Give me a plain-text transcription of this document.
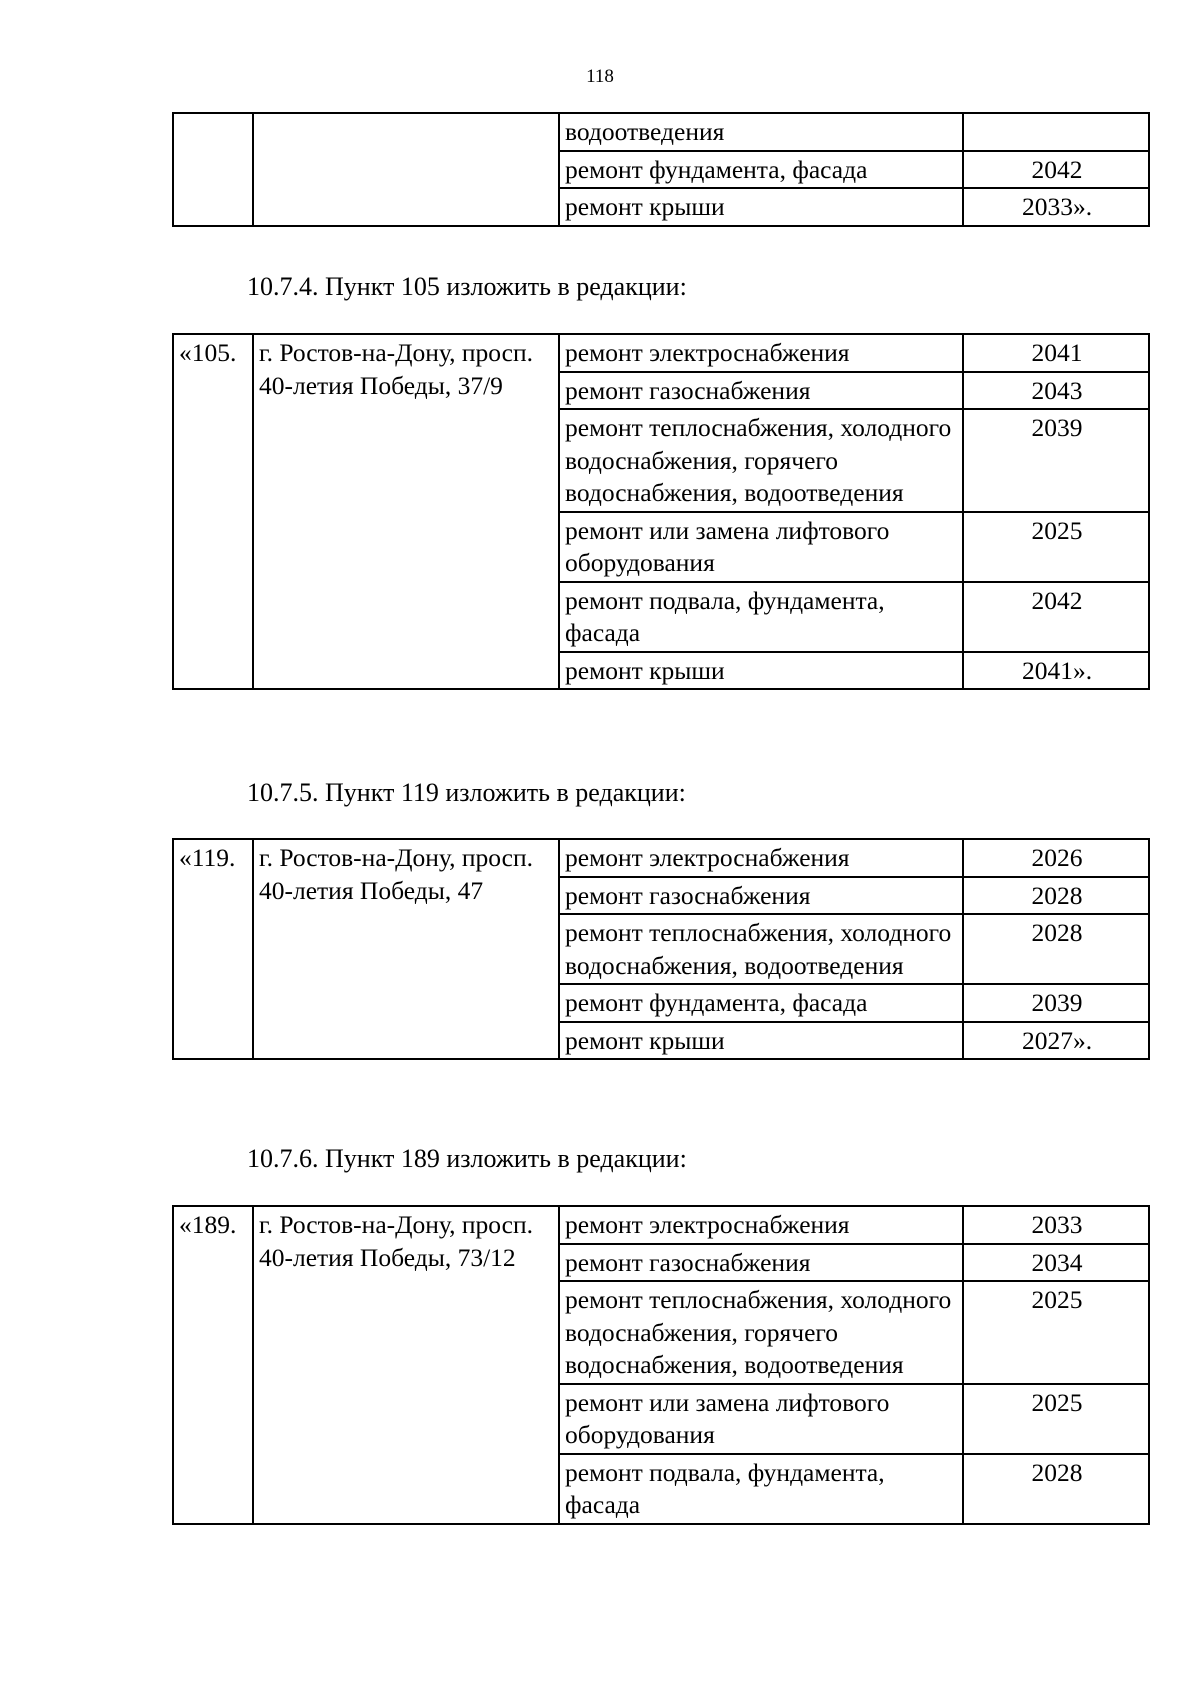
118
		водоотведения	
		ремонт фундамента, фасада	2042
		ремонт крыши	2033».
10.7.4. Пункт 105 изложить в редакции:
«105.	г. Ростов-на-Дону, просп. 40-летия Победы, 37/9	ремонт электроснабжения	2041
		ремонт газоснабжения	2043
		ремонт теплоснабжения, холодного водоснабжения, горячего водоснабжения, водоотведения	2039
		ремонт или замена лифтового оборудования	2025
		ремонт подвала, фундамента, фасада	2042
		ремонт крыши	2041».
10.7.5. Пункт 119 изложить в редакции:
«119.	г. Ростов-на-Дону, просп. 40-летия Победы, 47	ремонт электроснабжения	2026
		ремонт газоснабжения	2028
		ремонт теплоснабжения, холодного водоснабжения, водоотведения	2028
		ремонт фундамента, фасада	2039
		ремонт крыши	2027».
10.7.6. Пункт 189 изложить в редакции:
«189.	г. Ростов-на-Дону, просп. 40-летия Победы, 73/12	ремонт электроснабжения	2033
		ремонт газоснабжения	2034
		ремонт теплоснабжения, холодного водоснабжения, горячего водоснабжения, водоотведения	2025
		ремонт или замена лифтового оборудования	2025
		ремонт подвала, фундамента, фасада	2028
